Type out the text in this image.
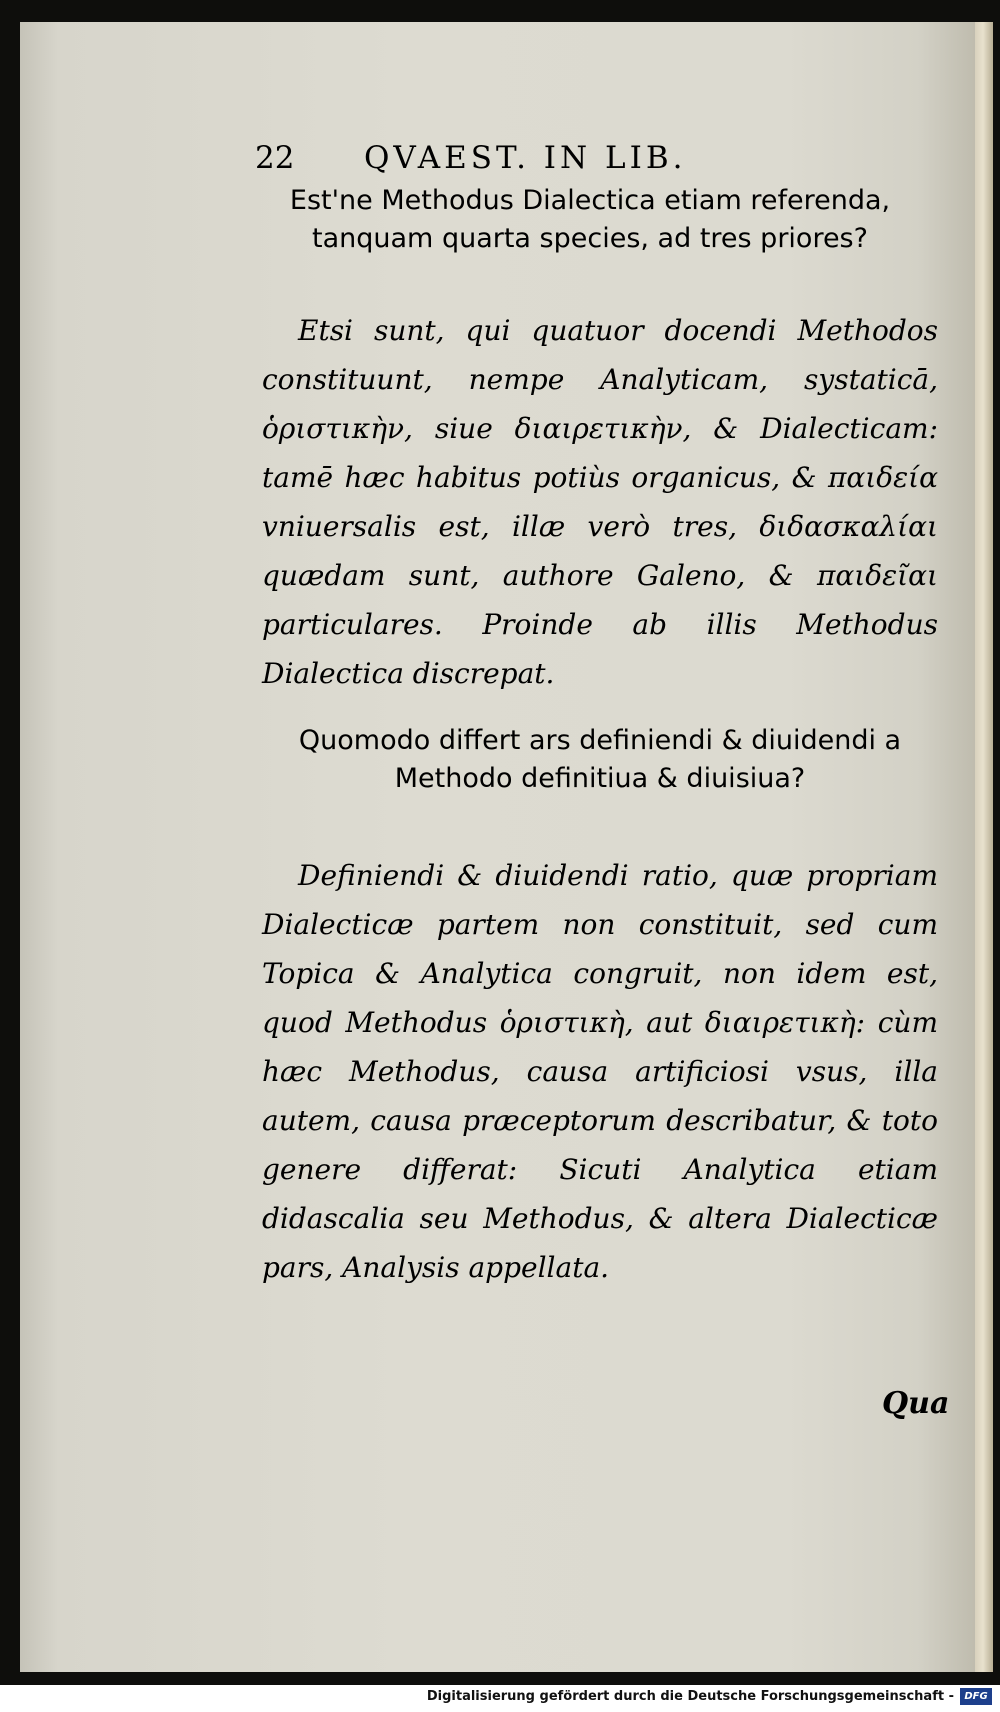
22 QVAEST. IN LIB.

Est'ne Methodus Dialectica etiam referenda, tanquam quarta species, ad tres priores?

Etsi sunt, qui quatuor docendi Methodos constituunt, nempe Analyticam, systaticā, ὁριστικὴν, siue διαιρετικὴν, & Dialecticam: tamē hæc habitus potiùs organicus, & παιδεία vniuersalis est, illæ verò tres, διδασκαλίαι quædam sunt, authore Galeno, & παιδεῖαι particulares. Proinde ab illis Methodus Dialectica discrepat.

Quomodo differt ars definiendi & diuidendi a Methodo definitiua & diuisiua?

Definiendi & diuidendi ratio, quæ propriam Dialecticæ partem non constituit, sed cum Topica & Analytica congruit, non idem est, quod Methodus ὁριστικὴ, aut διαιρετικὴ: cùm hæc Methodus, causa artificiosi vsus, illa autem, causa præceptorum describatur, & toto genere differat: Sicuti Analytica etiam didascalia seu Methodus, & altera Dialecticæ pars, Analysis appellata.

Qua
Digitalisierung gefördert durch die Deutsche Forschungsgemeinschaft -	DFG
